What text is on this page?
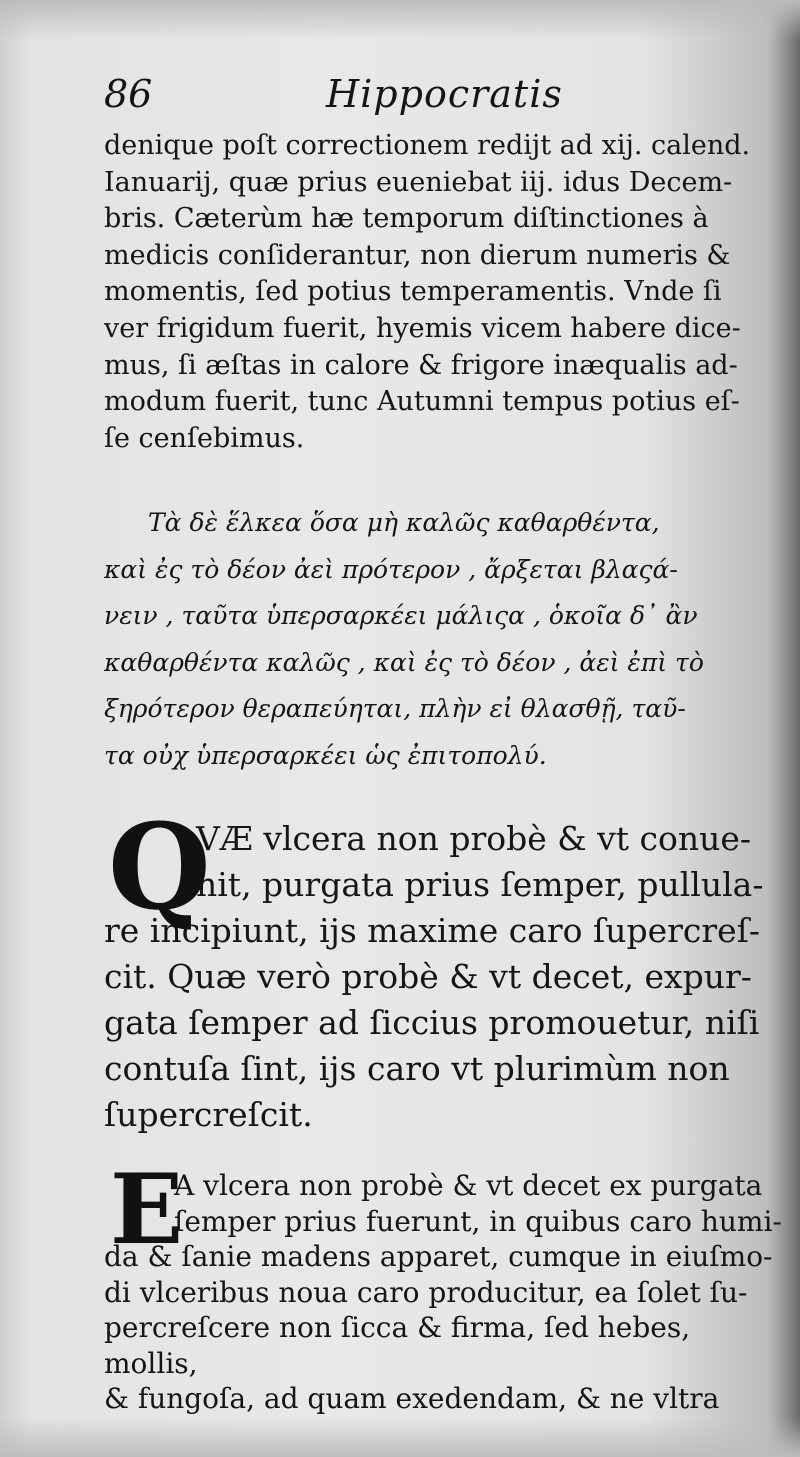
86	Hippocratis
denique poſt correctionem redijt ad xij. calend.
Ianuarij, quæ prius eueniebat iij. idus Decem-
bris. Cæterùm hæ temporum diſtinctiones à
medicis conſiderantur, non dierum numeris &
momentis, ſed potius temperamentis. Vnde ſi
ver frigidum fuerit, hyemis vicem habere dice-
mus, ſi æſtas in calore & frigore inæqualis ad-
modum fuerit, tunc Autumni tempus potius eſ-
ſe cenſebimus.
Τὰ δὲ ἕλκεα ὅσα μὴ καλῶς καθαρθέντα,
καὶ ἐς τὸ δέον ἀεὶ πρότερον , ἄρξεται βλαςά-
νειν , ταῦτα ὑπερσαρκέει μάλιςα , ὁκοῖα δ᾽ ἂν
καθαρθέντα καλῶς , καὶ ἐς τὸ δέον , ἀεὶ ἐπὶ τὸ
ξηρότερον θεραπεύηται, πλὴν εἰ θλασθῇ, ταῦ-
τα οὐχ ὑπερσαρκέει ὡς ἐπιτοπολύ.
Q
VÆ vlcera non probè & vt conue-
nit, purgata prius ſemper, pullula-
re incipiunt, ijs maxime caro ſupercreſ-
cit. Quæ verò probè & vt decet, expur-
gata ſemper ad ſiccius promouetur, niſi
contuſa ſint, ijs caro vt plurimùm non
ſupercreſcit.
E
A vlcera non probè & vt decet ex purgata
ſemper prius fuerunt, in quibus caro humi-
da & ſanie madens apparet, cumque in eiuſmo-
di vlceribus noua caro producitur, ea ſolet ſu-
percreſcere non ſicca & firma, ſed hebes, mollis,
& fungoſa, ad quam exedendam, & ne vltra
